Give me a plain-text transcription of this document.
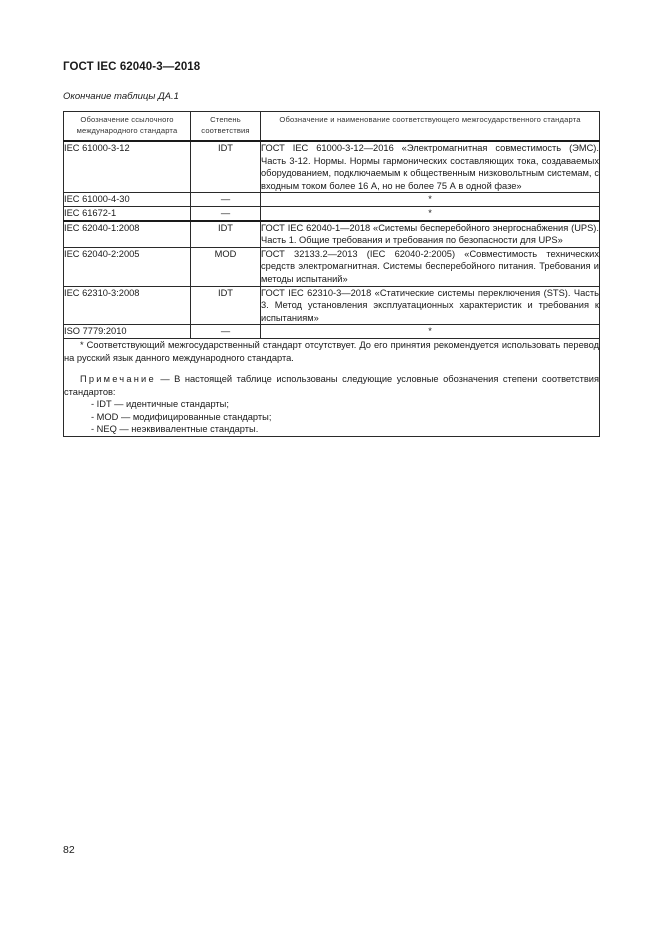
ГОСТ IEC 62040-3—2018
Окончание таблицы ДА.1
Обозначение ссылочного международного стандарта	Степень соответствия	Обозначение и наименование соответствующего межгосударственного стандарта
IEC 61000-3-12	IDT	ГОСТ IEC 61000-3-12—2016 «Электромагнитная совместимость (ЭМС). Часть 3-12. Нормы. Нормы гармонических составляющих тока, создаваемых оборудованием, подключаемым к общественным низковольтным системам, с входным током более 16 А, но не более 75 А в одной фазе»
IEC 61000-4-30	—	*
IEC 61672-1	—	*
IEC 62040-1:2008	IDT	ГОСТ IEC 62040-1—2018 «Системы бесперебойного энергоснабжения (UPS). Часть 1. Общие требования и требования по безопасности для UPS»
IEC 62040-2:2005	MOD	ГОСТ 32133.2—2013 (IEC 62040-2:2005) «Совместимость технических средств электромагнитная. Системы бесперебойного питания. Требования и методы испытаний»
IEC 62310-3:2008	IDT	ГОСТ IEC 62310-3—2018 «Статические системы переключения (STS). Часть 3. Метод установления эксплуатационных характеристик и требования к испытаниям»
ISO 7779:2010	—	*

* Соответствующий межгосударственный стандарт отсутствует. До его принятия рекомендуется использовать перевод на русский язык данного международного стандарта.

Примечание — В настоящей таблице использованы следующие условные обозначения степени соответствия стандартов:

- IDT — идентичные стандарты;

- MOD — модифицированные стандарты;

- NEQ — неэквивалентные стандарты.		

82
